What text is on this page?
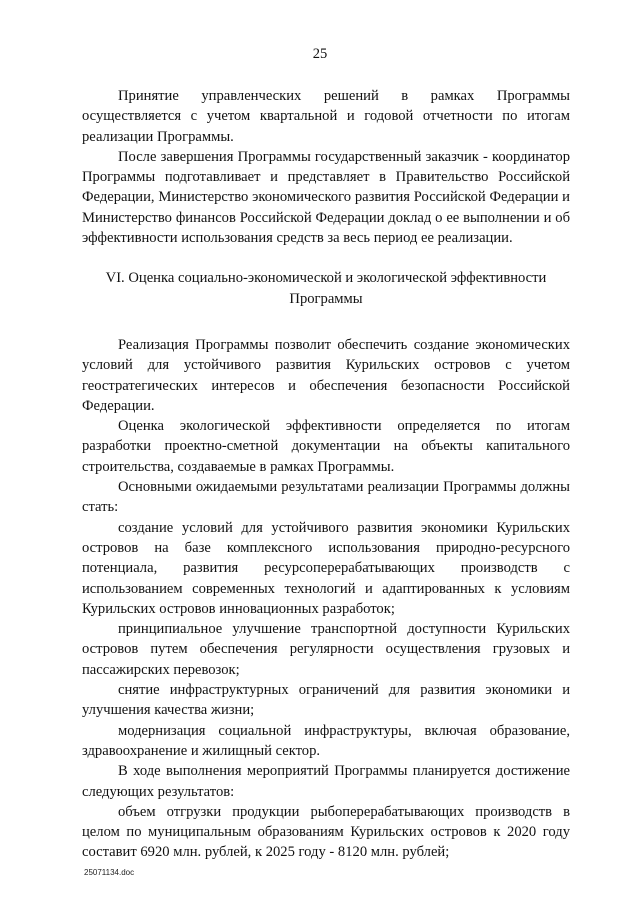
25

Принятие управленческих решений в рамках Программы осуществляется с учетом квартальной и годовой отчетности по итогам реализации Программы.

После завершения Программы государственный заказчик - координатор Программы подготавливает и представляет в Правительство Российской Федерации, Министерство экономического развития Российской Федерации и Министерство финансов Российской Федерации доклад о ее выполнении и об эффективности использования средств за весь период ее реализации.

VI. Оценка социально-экономической и экологической эффективности Программы

Реализация Программы позволит обеспечить создание экономических условий для устойчивого развития Курильских островов с учетом геостратегических интересов и обеспечения безопасности Российской Федерации.

Оценка экологической эффективности определяется по итогам разработки проектно-сметной документации на объекты капитального строительства, создаваемые в рамках Программы.

Основными ожидаемыми результатами реализации Программы должны стать:

создание условий для устойчивого развития экономики Курильских островов на базе комплексного использования природно-ресурсного потенциала, развития ресурсоперерабатывающих производств с использованием современных технологий и адаптированных к условиям Курильских островов инновационных разработок;

принципиальное улучшение транспортной доступности Курильских островов путем обеспечения регулярности осуществления грузовых и пассажирских перевозок;

снятие инфраструктурных ограничений для развития экономики и улучшения качества жизни;

модернизация социальной инфраструктуры, включая образование, здравоохранение и жилищный сектор.

В ходе выполнения мероприятий Программы планируется достижение следующих результатов:

объем отгрузки продукции рыбоперерабатывающих производств в целом по муниципальным образованиям Курильских островов к 2020 году составит 6920 млн. рублей, к 2025 году - 8120 млн. рублей;

25071134.doc
